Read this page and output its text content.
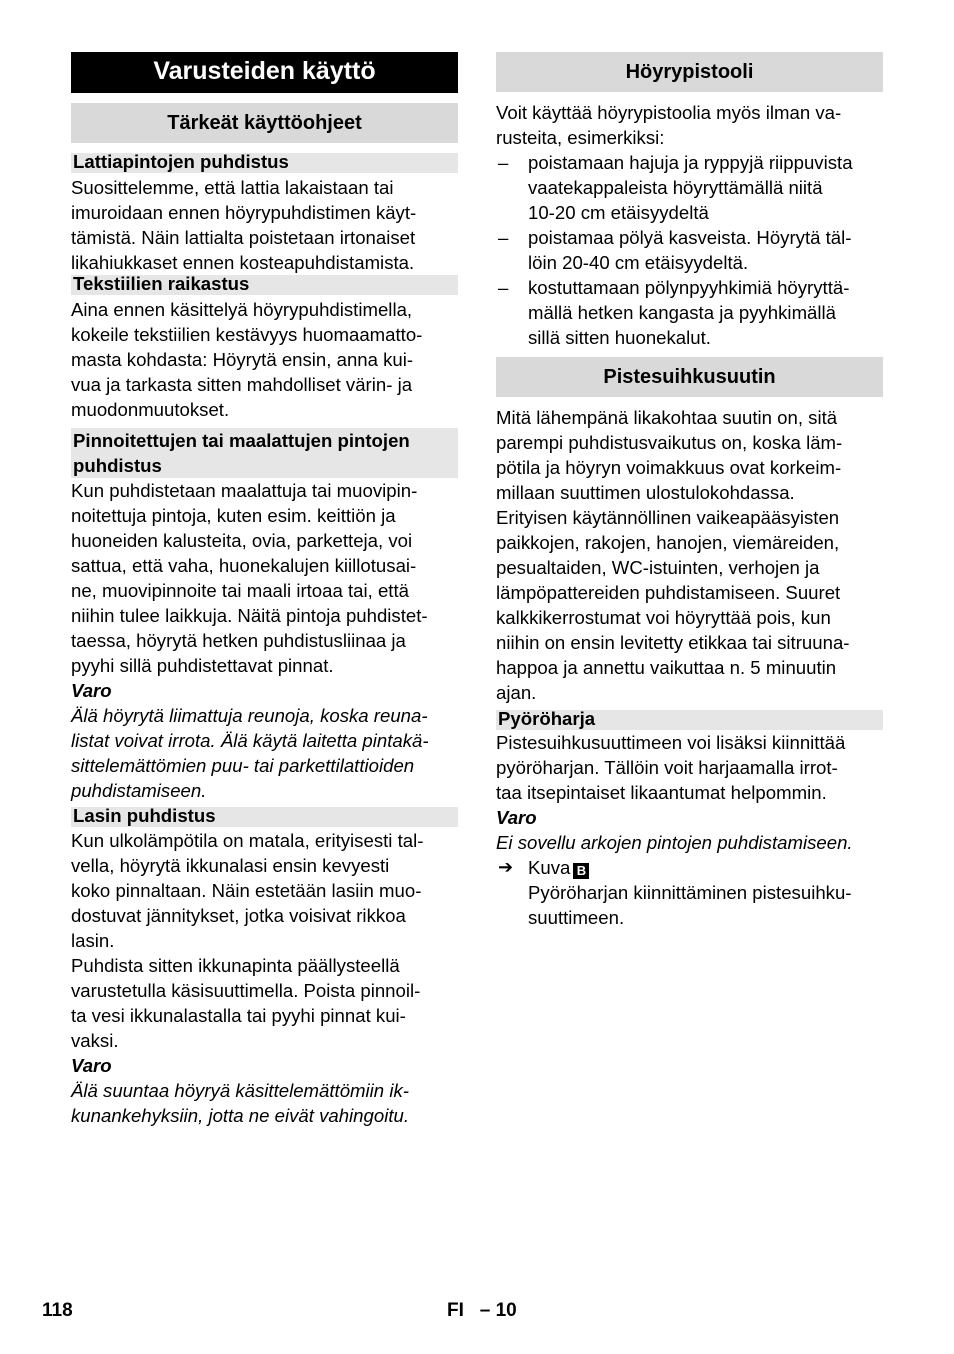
Varusteiden käyttö
Tärkeät käyttöohjeet
Lattiapintojen puhdistus

Suosittelemme, että lattia lakaistaan tai

imuroidaan ennen höyrypuhdistimen käyt-

tämistä. Näin lattialta poistetaan irtonaiset

likahiukkaset ennen kosteapuhdistamista.

Tekstiilien raikastus

Aina ennen käsittelyä höyrypuhdistimella,

kokeile tekstiilien kestävyys huomaamatto-

masta kohdasta: Höyrytä ensin, anna kui-

vua ja tarkasta sitten mahdolliset värin- ja

muodonmuutokset.

Pinnoitettujen tai maalattujen pintojen puhdistus

Kun puhdistetaan maalattuja tai muovipin-

noitettuja pintoja, kuten esim. keittiön ja

huoneiden kalusteita, ovia, parketteja, voi

sattua, että vaha, huonekalujen kiillotusai-

ne, muovipinnoite tai maali irtoaa tai, että

niihin tulee laikkuja. Näitä pintoja puhdistet-

taessa, höyrytä hetken puhdistusliinaa ja

pyyhi sillä puhdistettavat pinnat.

Varo

Älä höyrytä liimattuja reunoja, koska reuna-

listat voivat irrota. Älä käytä laitetta pintakä-

sittelemättömien puu- tai parkettilattioiden

puhdistamiseen.

Lasin puhdistus

Kun ulkolämpötila on matala, erityisesti tal-

vella, höyrytä ikkunalasi ensin kevyesti

koko pinnaltaan. Näin estetään lasiin muo-

dostuvat jännitykset, jotka voisivat rikkoa

lasin.

Puhdista sitten ikkunapinta päällysteellä

varustetulla käsisuuttimella. Poista pinnoil-

ta vesi ikkunalastalla tai pyyhi pinnat kui-

vaksi.

Varo

Älä suuntaa höyryä käsittelemättömiin ik-

kunankehyksiin, jotta ne eivät vahingoitu.

Höyrypistooli

Voit käyttää höyrypistoolia myös ilman va-

rusteita, esimerkiksi:

– poistamaan hajuja ja ryppyjä riippuvista

vaatekappaleista höyryttämällä niitä

10-20 cm etäisyydeltä

– poistamaa pölyä kasveista. Höyrytä täl-

löin 20-40 cm etäisyydeltä.

– kostuttamaan pölynpyyhkimiä höyryttä-

mällä hetken kangasta ja pyyhkimällä

sillä sitten huonekalut.

Pistesuihkusuutin

Mitä lähempänä likakohtaa suutin on, sitä

parempi puhdistusvaikutus on, koska läm-

pötila ja höyryn voimakkuus ovat korkeim-

millaan suuttimen ulostulokohdassa.

Erityisen käytännöllinen vaikeapääsyisten

paikkojen, rakojen, hanojen, viemäreiden,

pesualtaiden, WC-istuinten, verhojen ja

lämpöpattereiden puhdistamiseen. Suuret

kalkkikerrostumat voi höyryttää pois, kun

niihin on ensin levitetty etikkaa tai sitruuna-

happoa ja annettu vaikuttaa n. 5 minuutin

ajan.

Pyöröharja

Pistesuihkusuuttimeen voi lisäksi kiinnittää

pyöröharjan. Tällöin voit harjaamalla irrot-

taa itsepintaiset likaantumat helpommin.

Varo

Ei sovellu arkojen pintojen puhdistamiseen.

➔ Kuva B

Pyöröharjan kiinnittäminen pistesuihku-

suuttimeen.

118	FI   – 10
